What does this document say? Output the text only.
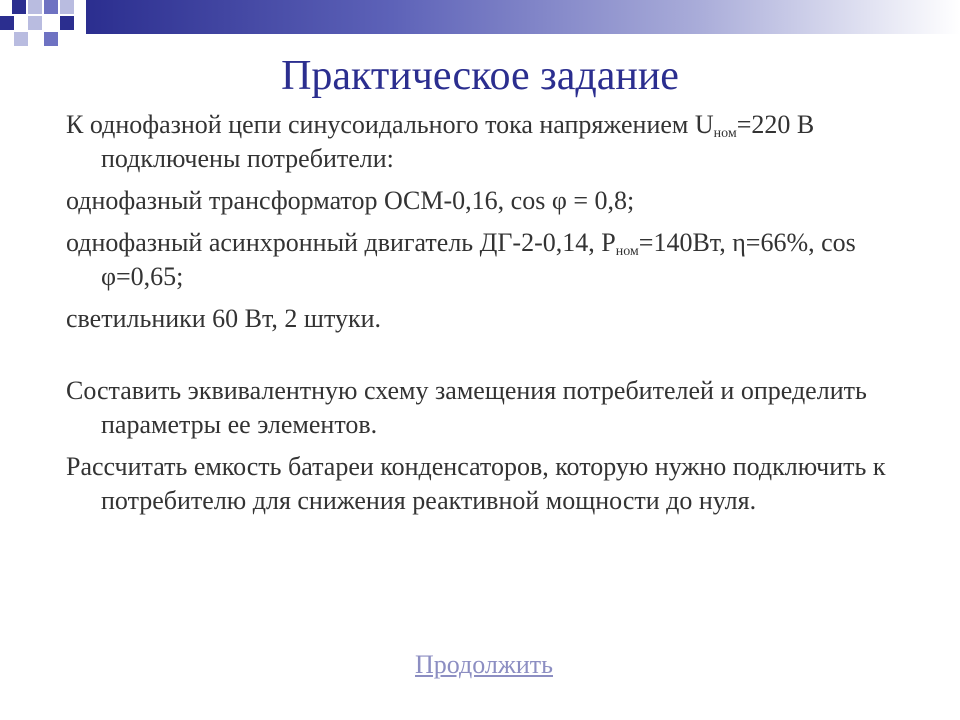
Практическое задание

К однофазной цепи синусоидального тока напряжением $U_{ном}=220$ В подключены потребители:

однофазный трансформатор ОСМ-0,16, cos φ = 0,8;

однофазный асинхронный двигатель ДГ-2-0,14, $P_{ном}=140Вт$, η=66%, cos φ=0,65;

светильники 60 Вт, 2 штуки.

Составить эквивалентную схему замещения потребителей и определить параметры ее элементов.

Рассчитать емкость батареи конденсаторов, которую нужно подключить к потребителю для снижения реактивной мощности до нуля.

Продолжить
